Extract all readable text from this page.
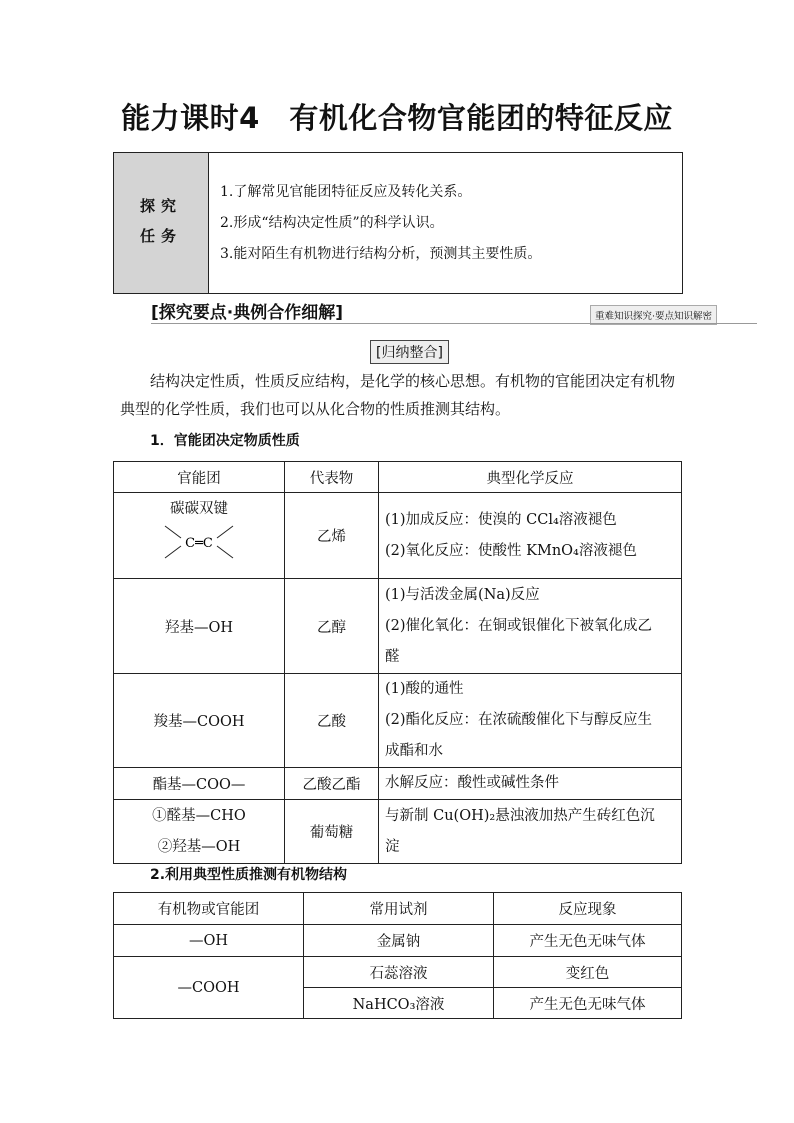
能力课时4　有机化合物官能团的特征反应
探究
任务
1.了解常见官能团特征反应及转化关系。
2.形成“结构决定性质”的科学认识。
3.能对陌生有机物进行结构分析，预测其主要性质。
[探究要点·典例合作细解]	重难知识探究·要点知识解密
[归纳整合]
结构决定性质，性质反应结构，是化学的核心思想。有机物的官能团决定有机物典型的化学性质，我们也可以从化合物的性质推测其结构。
1．官能团决定物质性质
官能团	代表物	典型化学反应

碳碳双键
C═C	乙烯	(1)加成反应：使溴的 CCl₄溶液褪色
(2)氧化反应：使酸性 KMnO₄溶液褪色

羟基—OH	乙醇	(1)与活泼金属(Na)反应
(2)催化氧化：在铜或银催化下被氧化成乙
醛

羧基—COOH	乙酸	(1)酸的通性
(2)酯化反应：在浓硫酸催化下与醇反应生
成酯和水

酯基—COO—	乙酸乙酯	水解反应：酸性或碱性条件

①醛基—CHO
②羟基—OH	葡萄糖	与新制 Cu(OH)₂悬浊液加热产生砖红色沉
淀
2.利用典型性质推测有机物结构
有机物或官能团	常用试剂	反应现象
—OH	金属钠	产生无色无味气体
—COOH	石蕊溶液	变红色
	NaHCO₃溶液	产生无色无味气体
